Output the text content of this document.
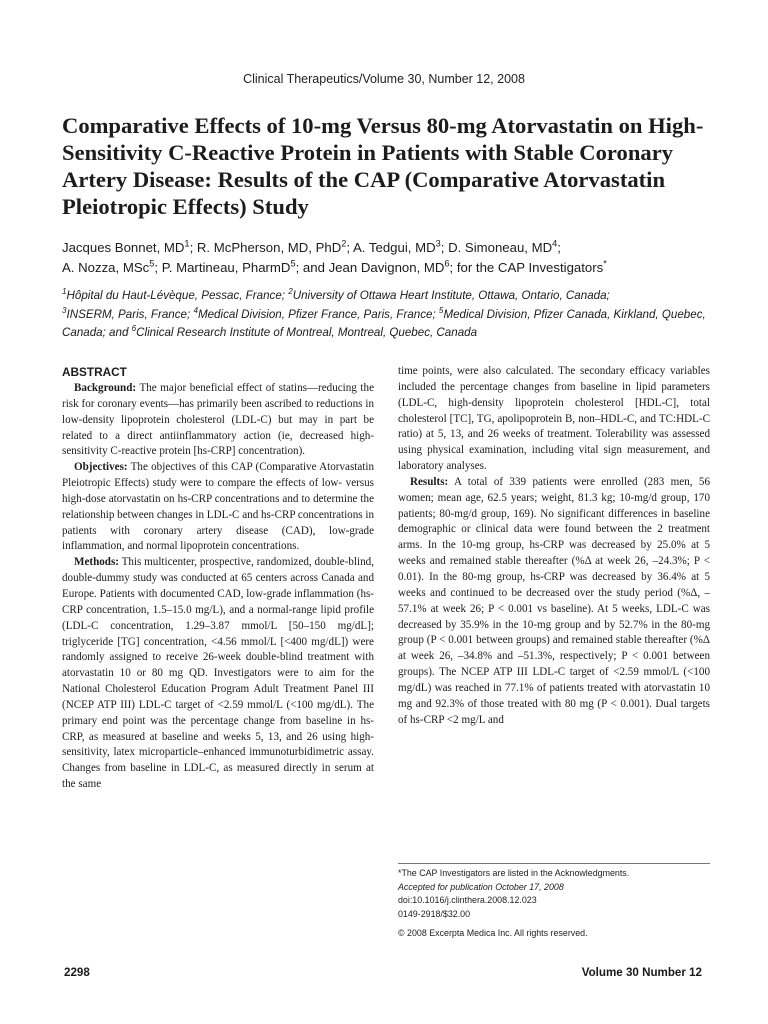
Clinical Therapeutics/Volume 30, Number 12, 2008
Comparative Effects of 10-mg Versus 80-mg Atorvastatin on High-Sensitivity C-Reactive Protein in Patients with Stable Coronary Artery Disease: Results of the CAP (Comparative Atorvastatin Pleiotropic Effects) Study
Jacques Bonnet, $MD^1$; R. McPherson, MD, PhD$^2$; A. Tedgui, $MD^3$; D. Simoneau, $MD^4$;
A. Nozza, MSc$^5$; P. Martineau, PharmD$^5$; and Jean Davignon, $MD^6$; for the CAP Investigators*
$^1$Hôpital du Haut-Lévèque, Pessac, France; $^2$University of Ottawa Heart Institute, Ottawa, Ontario, Canada;
$^3$INSERM, Paris, France; $^4$Medical Division, Pfizer France, Paris, France; $^5$Medical Division, Pfizer Canada, Kirkland, Quebec, Canada; and $^6$Clinical Research Institute of Montreal, Montreal, Quebec, Canada
ABSTRACT

Background: The major beneficial effect of statins—reducing the risk for coronary events—has primarily been ascribed to reductions in low-density lipoprotein cholesterol (LDL-C) but may in part be related to a direct antiinflammatory action (ie, decreased high-sensitivity C-reactive protein [hs-CRP] concentration).

Objectives: The objectives of this CAP (Comparative Atorvastatin Pleiotropic Effects) study were to compare the effects of low- versus high-dose atorvastatin on hs-CRP concentrations and to determine the relationship between changes in LDL-C and hs-CRP concentrations in patients with coronary artery disease (CAD), low-grade inflammation, and normal lipoprotein concentrations.

Methods: This multicenter, prospective, randomized, double-blind, double-dummy study was conducted at 65 centers across Canada and Europe. Patients with documented CAD, low-grade inflammation (hs-CRP concentration, 1.5–15.0 mg/L), and a normal-range lipid profile (LDL-C concentration, 1.29–3.87 mmol/L [50–150 mg/dL]; triglyceride [TG] concentration, <4.56 mmol/L [<400 mg/dL]) were randomly assigned to receive 26-week double-blind treatment with atorvastatin 10 or 80 mg QD. Investigators were to aim for the National Cholesterol Education Program Adult Treatment Panel III (NCEP ATP III) LDL-C target of <2.59 mmol/L (<100 mg/dL). The primary end point was the percentage change from baseline in hs-CRP, as measured at baseline and weeks 5, 13, and 26 using high-sensitivity, latex microparticle–enhanced immunoturbidimetric assay. Changes from baseline in LDL-C, as measured directly in serum at the same

time points, were also calculated. The secondary efficacy variables included the percentage changes from baseline in lipid parameters (LDL-C, high-density lipoprotein cholesterol [HDL-C], total cholesterol [TC], TG, apolipoprotein B, non–HDL-C, and TC:HDL-C ratio) at 5, 13, and 26 weeks of treatment. Tolerability was assessed using physical examination, including vital sign measurement, and laboratory analyses.

Results: A total of 339 patients were enrolled (283 men, 56 women; mean age, 62.5 years; weight, 81.3 kg; 10-mg/d group, 170 patients; 80-mg/d group, 169). No significant differences in baseline demographic or clinical data were found between the 2 treatment arms. In the 10-mg group, hs-CRP was decreased by 25.0% at 5 weeks and remained stable thereafter (%Δ at week 26, –24.3%; P < 0.01). In the 80-mg group, hs-CRP was decreased by 36.4% at 5 weeks and continued to be decreased over the study period (%Δ, –57.1% at week 26; P < 0.001 vs baseline). At 5 weeks, LDL-C was decreased by 35.9% in the 10-mg group and by 52.7% in the 80-mg group (P < 0.001 between groups) and remained stable thereafter (%Δ at week 26, –34.8% and –51.3%, respectively; P < 0.001 between groups). The NCEP ATP III LDL-C target of <2.59 mmol/L (<100 mg/dL) was reached in 77.1% of patients treated with atorvastatin 10 mg and 92.3% of those treated with 80 mg (P < 0.001). Dual targets of hs-CRP <2 mg/L and

*The CAP Investigators are listed in the Acknowledgments.
Accepted for publication October 17, 2008
doi:10.1016/j.clinthera.2008.12.023
0149-2918/$32.00
© 2008 Excerpta Medica Inc. All rights reserved.
2298	Volume 30 Number 12
